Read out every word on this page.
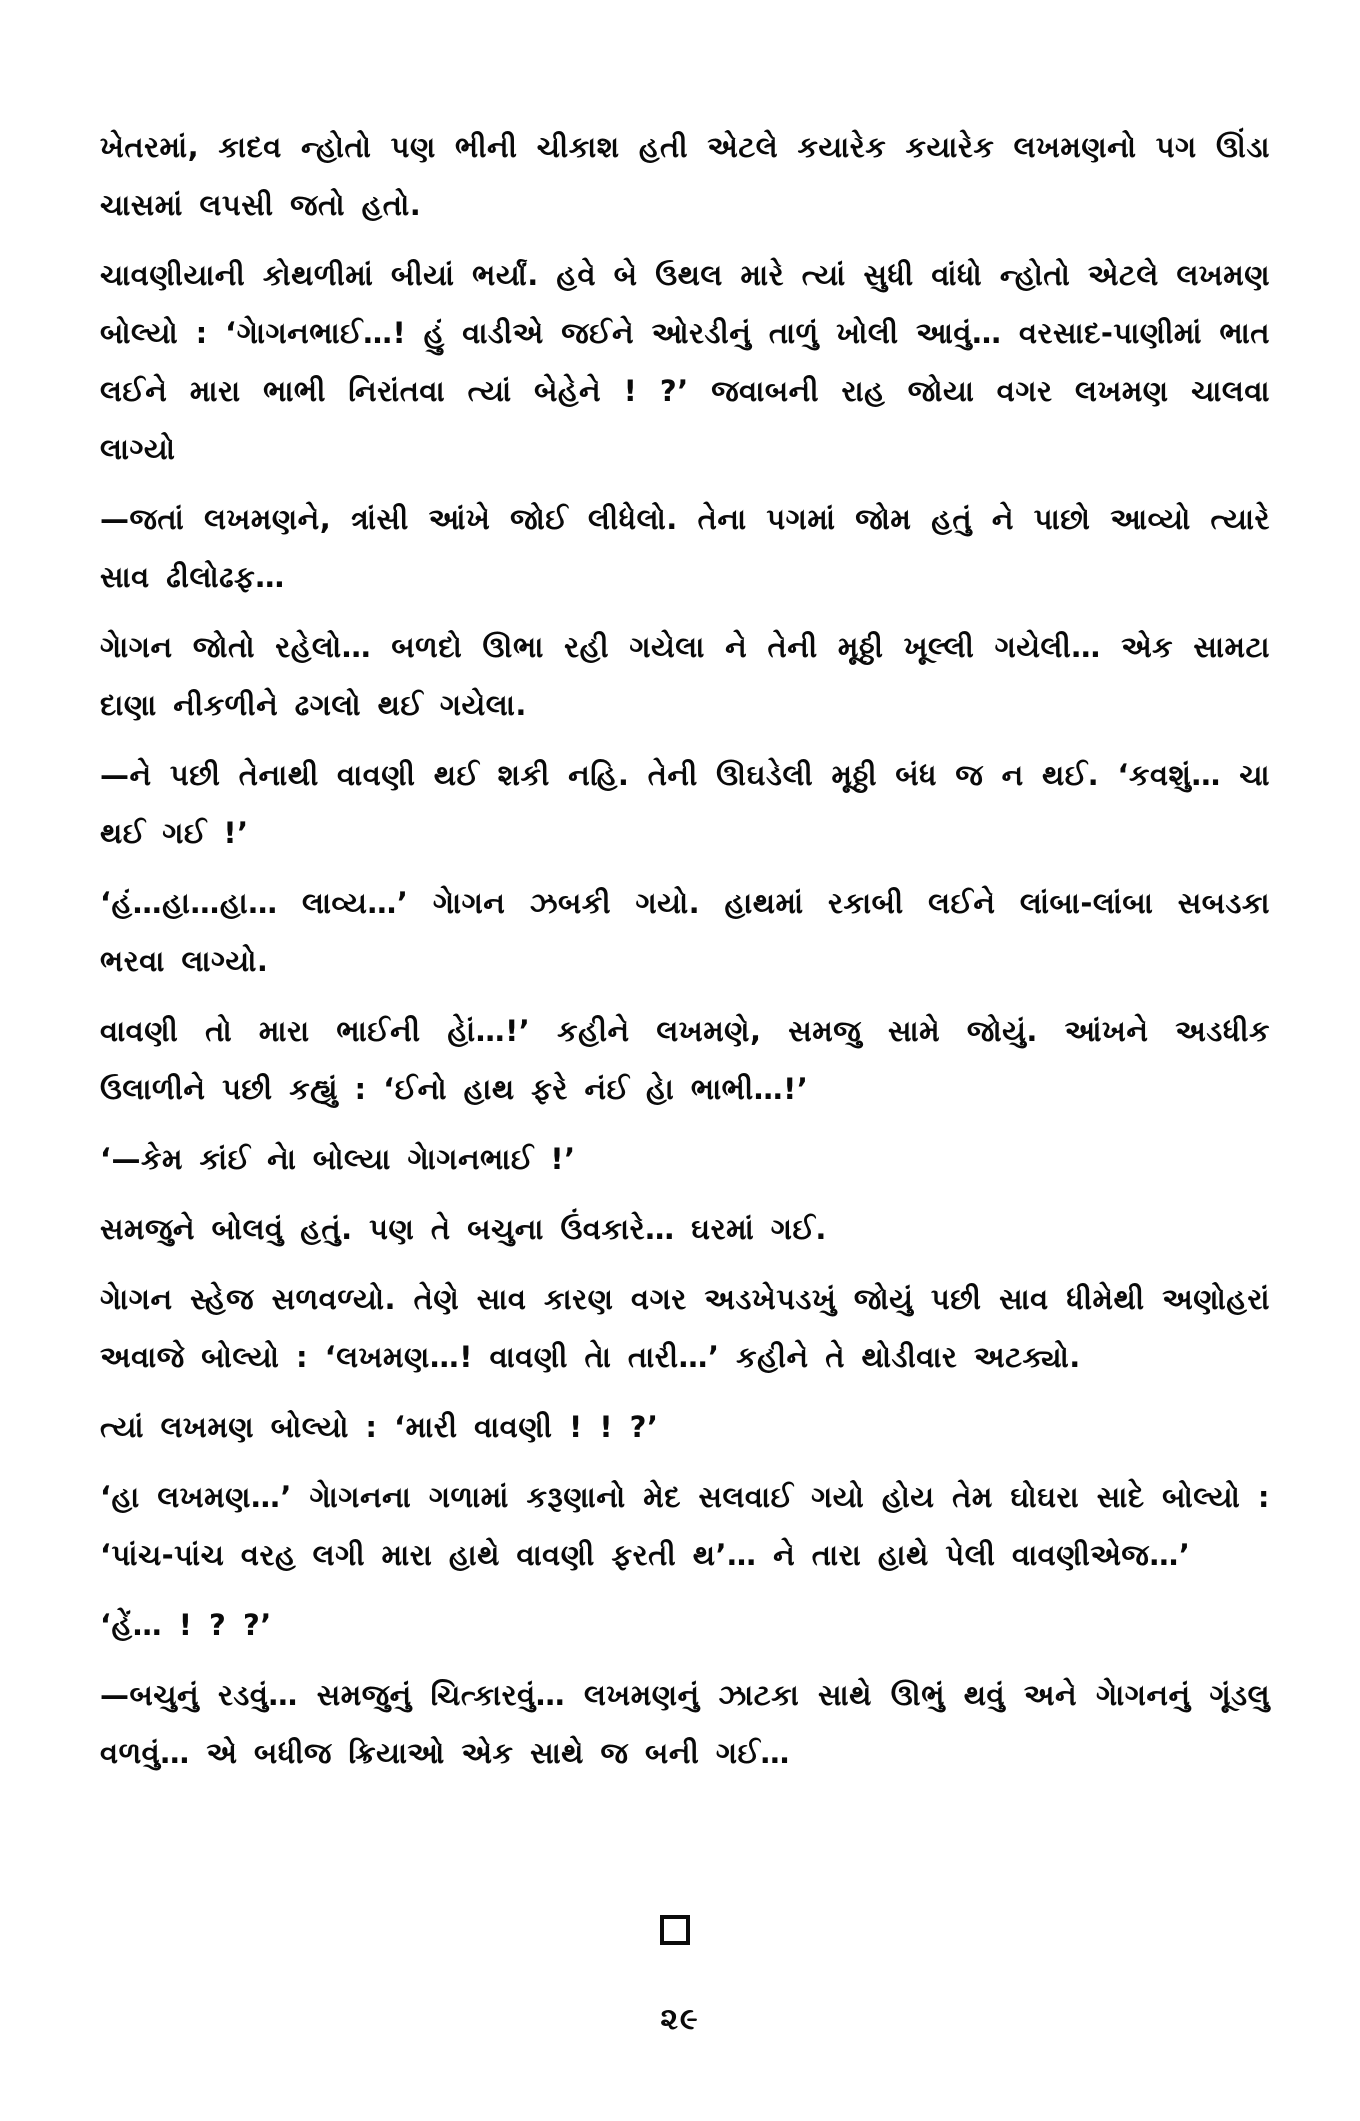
ખેતરમાં, કાદવ ન્હોતો પણ ભીની ચીકાશ હતી એટલે કયારેક કયારેક લખમણનો પગ ઊંડા ચાસમાં લપસી જતો હતો.

ચાવણીયાની કોથળીમાં બીયાં ભર્યાં. હવે બે ઉથલ મારે ત્યાં સુધી વાંધો ન્હોતો એટલે લખમણ બોલ્યો : ‘ગેાગનભાઈ…! હું વાડીએ જઈને ઓરડીનું તાળું ખોલી આવું… વરસાદ-પાણીમાં ભાત લઈને મારા ભાભી નિરાંતવા ત્યાં બેહેને ! ?’ જવાબની રાહ જોયા વગર લખમણ ચાલવા લાગ્યો

—જતાં લખમણને, ત્રાંસી આંખે જોઈ લીધેલો. તેના પગમાં જોમ હતું ને પાછો આવ્યો ત્યારે સાવ ઢીલોઢફ…

ગેાગન જોતો રહેલો… બળદો ઊભા રહી ગયેલા ને તેની મૂઠ્ઠી ખૂલ્લી ગયેલી… એક સામટા દાણા નીકળીને ઢગલો થઈ ગયેલા.

—ને પછી તેનાથી વાવણી થઈ શકી નહિ. તેની ઊઘડેલી મૂઠ્ઠી બંધ જ ન થઈ. ‘કવશું… ચા થઈ ગઈ !’

‘હં…હા…હા… લાવ્ય…’ ગેાગન ઝબકી ગયો. હાથમાં રકાબી લઈને લાંબા-લાંબા સબડકા ભરવા લાગ્યો.

વાવણી તો મારા ભાઈની હેાં…!’ કહીને લખમણે, સમજુ સામે જોયું. આંખને અડધીક ઉલાળીને પછી કહ્યું : ‘ઈનો હાથ ફરે નંઈ હેા ભાભી…!’

‘—કેમ કાંઈ નેા બોલ્યા ગેાગનભાઈ !’

સમજુને બોલવું હતું. પણ તે બચુના ઉંવકારે… ઘરમાં ગઈ.

ગેાગન સ્હેજ સળવળ્યો. તેણે સાવ કારણ વગર અડખેપડખું જોયું પછી સાવ ધીમેથી અણોહરાં અવાજે બોલ્યો : ‘લખમણ…! વાવણી તેા તારી…’ કહીને તે થોડીવાર અટક્યો.

ત્યાં લખમણ બોલ્યો : ‘મારી વાવણી ! ! ?’

‘હા લખમણ…’ ગેાગનના ગળામાં કરૂણાનો મેદ સલવાઈ ગયો હોય તેમ ઘોઘરા સાદે બોલ્યો : ‘પાંચ-પાંચ વરહ લગી મારા હાથે વાવણી ફરતી થ’… ને તારા હાથે પેલી વાવણીએજ…’

‘હેં… ! ? ?’

—બચુનું રડવું… સમજુનું ચિત્કારવું… લખમણનું ઝાટકા સાથે ઊભું થવું અને ગેાગનનું ગૂંડલુ વળવું… એ બધીજ ક્રિયાઓ એક સાથે જ બની ગઈ…

૨૯
